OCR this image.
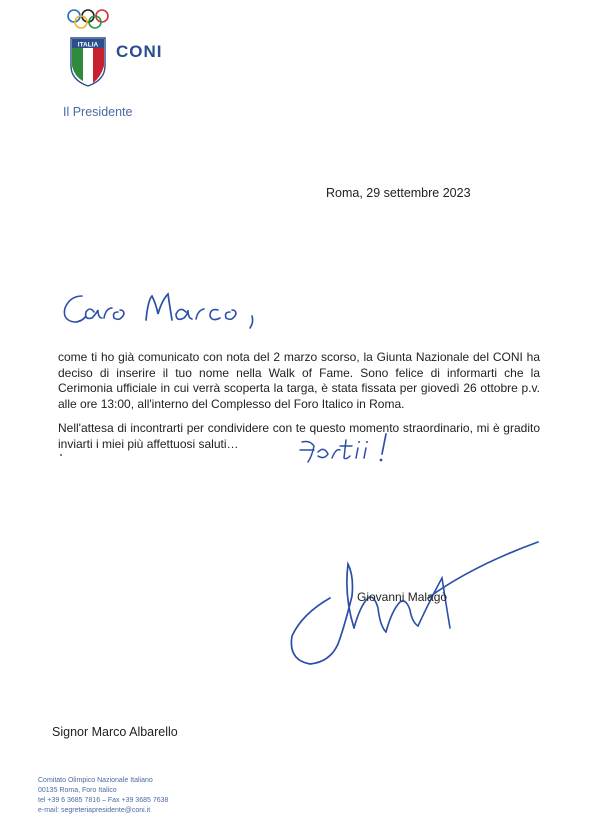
ITALIA CONI
Il Presidente
Roma, 29 settembre 2023
come ti ho già comunicato con nota del 2 marzo scorso, la Giunta Nazionale del CONI ha deciso di inserire il tuo nome nella Walk of Fame. Sono felice di informarti che la Cerimonia ufficiale in cui verrà scoperta la targa, è stata fissata per giovedì 26 ottobre p.v. alle ore 13:00, all'interno del Complesso del Foro Italico in Roma.
Nell'attesa di incontrarti per condividere con te questo momento straordinario, mi è gradito inviarti i miei più affettuosi saluti…
Giovanni Malagò
Signor Marco Albarello
Comitato Olimpico Nazionale Italiano
00135 Roma, Foro Italico
tel +39 6 3685 7816 – Fax +39 3685 7638
e-mail: segreteriapresidente@coni.it
